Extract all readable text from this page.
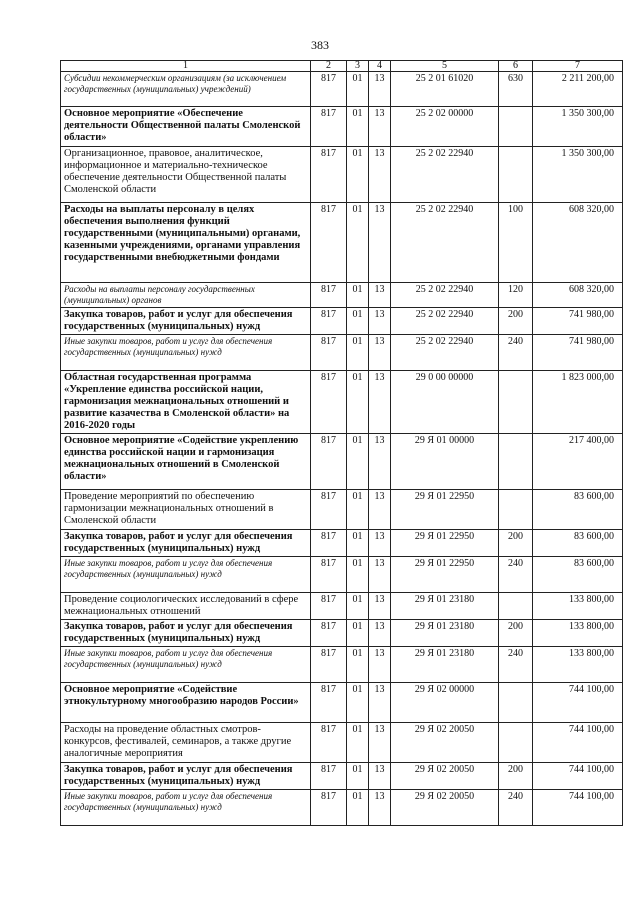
383
1	2	3	4	5	6	7
Субсидии некоммерческим организациям (за исключением государственных (муниципальных) учреждений)	817	01	13	25 2 01 61020	630	2 211 200,00
Основное мероприятие «Обеспечение деятельности Общественной палаты Смоленской области»	817	01	13	25 2 02 00000		1 350 300,00
Организационное, правовое, аналитическое, информационное и материально-техническое обеспечение деятельности Общественной палаты Смоленской области	817	01	13	25 2 02 22940		1 350 300,00
Расходы на выплаты персоналу в целях обеспечения выполнения функций государственными (муниципальными) органами, казенными учреждениями, органами управления государственными внебюджетными фондами	817	01	13	25 2 02 22940	100	608 320,00
Расходы на выплаты персоналу государственных (муниципальных) органов	817	01	13	25 2 02 22940	120	608 320,00
Закупка товаров, работ и услуг для обеспечения государственных (муниципальных) нужд	817	01	13	25 2 02 22940	200	741 980,00
Иные закупки товаров, работ и услуг для обеспечения государственных (муниципальных) нужд	817	01	13	25 2 02 22940	240	741 980,00
Областная государственная программа «Укрепление единства российской нации, гармонизация межнациональных отношений и развитие казачества в Смоленской области» на 2016-2020 годы	817	01	13	29 0 00 00000		1 823 000,00
Основное мероприятие «Содействие укреплению единства российской нации и гармонизация межнациональных отношений в Смоленской области»	817	01	13	29 Я 01 00000		217 400,00
Проведение мероприятий по обеспечению гармонизации межнациональных отношений в Смоленской области	817	01	13	29 Я 01 22950		83 600,00
Закупка товаров, работ и услуг для обеспечения государственных (муниципальных) нужд	817	01	13	29 Я 01 22950	200	83 600,00
Иные закупки товаров, работ и услуг для обеспечения государственных (муниципальных) нужд	817	01	13	29 Я 01 22950	240	83 600,00
Проведение социологических исследований в сфере межнациональных отношений	817	01	13	29 Я 01 23180		133 800,00
Закупка товаров, работ и услуг для обеспечения государственных (муниципальных) нужд	817	01	13	29 Я 01 23180	200	133 800,00
Иные закупки товаров, работ и услуг для обеспечения государственных (муниципальных) нужд	817	01	13	29 Я 01 23180	240	133 800,00
Основное мероприятие «Содействие этнокультурному многообразию народов России»	817	01	13	29 Я 02 00000		744 100,00
Расходы на проведение областных смотров-конкурсов, фестивалей, семинаров, а также другие аналогичные мероприятия	817	01	13	29 Я 02 20050		744 100,00
Закупка товаров, работ и услуг для обеспечения государственных (муниципальных) нужд	817	01	13	29 Я 02 20050	200	744 100,00
Иные закупки товаров, работ и услуг для обеспечения государственных (муниципальных) нужд	817	01	13	29 Я 02 20050	240	744 100,00
